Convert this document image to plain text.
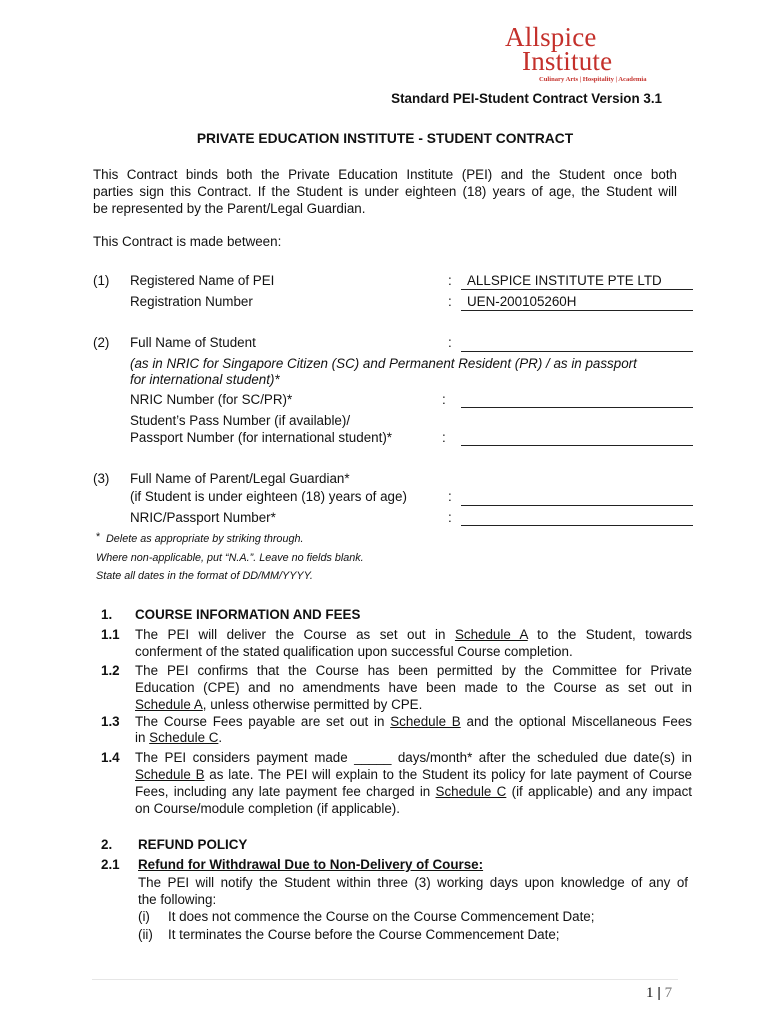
Allspice
Institute
Culinary Arts | Hospitality | Academia
Standard PEI-Student Contract Version 3.1
PRIVATE EDUCATION INSTITUTE - STUDENT CONTRACT
This Contract binds both the Private Education Institute (PEI) and the Student once both
parties sign this Contract. If the Student is under eighteen (18) years of age, the Student will
be represented by the Parent/Legal Guardian.
This Contract is made between:
(1) Registered Name of PEI	: ALLSPICE INSTITUTE PTE LTD
Registration Number	: UEN-200105260H
(2) Full Name of Student	:
(as in NRIC for Singapore Citizen (SC) and Permanent Resident (PR) / as in passport
for international student)*
NRIC Number (for SC/PR)*	:
Student’s Pass Number (if available)/
Passport Number (for international student)*	:
(3) Full Name of Parent/Legal Guardian*
(if Student is under eighteen (18) years of age)	:
NRIC/Passport Number*	:
* Delete as appropriate by striking through.
Where non-applicable, put “N.A.”. Leave no fields blank.
State all dates in the format of DD/MM/YYYY.
1. COURSE INFORMATION AND FEES
1.1 The PEI will deliver the Course as set out in Schedule A to the Student, towards
conferment of the stated qualification upon successful Course completion.
1.2 The PEI confirms that the Course has been permitted by the Committee for Private
Education (CPE) and no amendments have been made to the Course as set out in
Schedule A, unless otherwise permitted by CPE.
1.3 The Course Fees payable are set out in Schedule B and the optional Miscellaneous Fees
in Schedule C.
1.4 The PEI considers payment made _____ days/month* after the scheduled due date(s) in
Schedule B as late. The PEI will explain to the Student its policy for late payment of Course
Fees, including any late payment fee charged in Schedule C (if applicable) and any impact
on Course/module completion (if applicable).
2. REFUND POLICY
2.1 Refund for Withdrawal Due to Non-Delivery of Course:
The PEI will notify the Student within three (3) working days upon knowledge of any of
the following:
(i) It does not commence the Course on the Course Commencement Date;
(ii) It terminates the Course before the Course Commencement Date;
1 | 7
